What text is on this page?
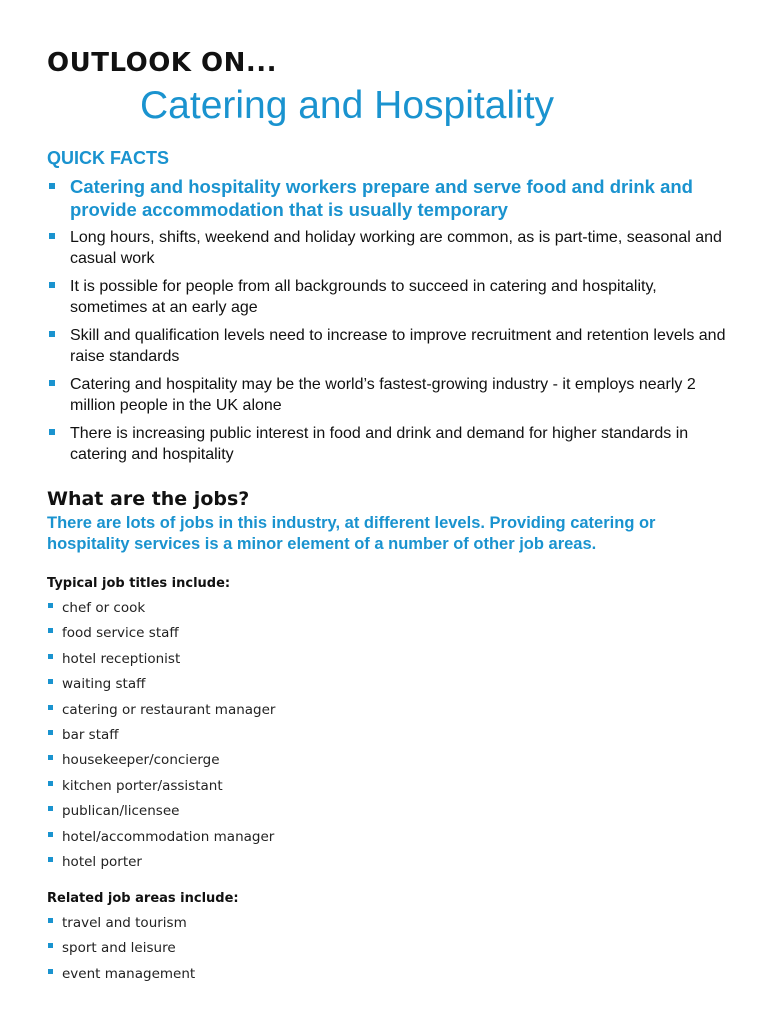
OUTLOOK ON...
Catering and Hospitality
QUICK FACTS
Catering and hospitality workers prepare and serve food and drink and provide accommodation that is usually temporary
Long hours, shifts, weekend and holiday working are common, as is part-time, seasonal and casual work
It is possible for people from all backgrounds to succeed in catering and hospitality, sometimes at an early age
Skill and qualification levels need to increase to improve recruitment and retention levels and raise standards
Catering and hospitality may be the world’s fastest-growing industry - it employs nearly 2 million people in the UK alone
There is increasing public interest in food and drink and demand for higher standards in catering and hospitality
What are the jobs?

There are lots of jobs in this industry, at different levels. Providing catering or hospitality services is a minor element of a number of other job areas.

Typical job titles include:
chef or cook
food service staff
hotel receptionist
waiting staff
catering or restaurant manager
bar staff
housekeeper/concierge
kitchen porter/assistant
publican/licensee
hotel/accommodation manager
hotel porter
Related job areas include:
travel and tourism
sport and leisure
event management
